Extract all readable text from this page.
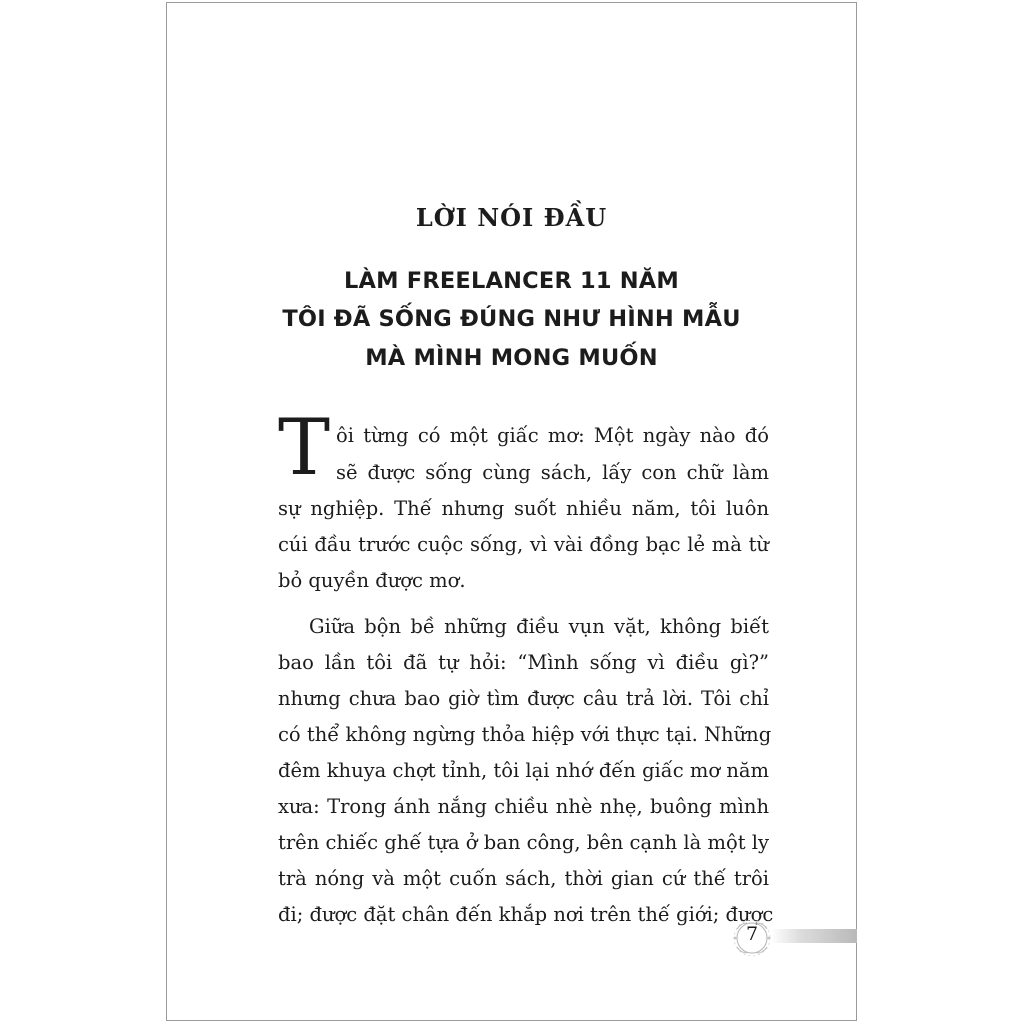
LỜI NÓI ĐẦU
LÀM FREELANCER 11 NĂM
TÔI ĐÃ SỐNG ĐÚNG NHƯ HÌNH MẪU
MÀ MÌNH MONG MUỐN
T ôi từng có một giấc mơ: Một ngày nào đó
sẽ được sống cùng sách, lấy con chữ làm
sự nghiệp. Thế nhưng suốt nhiều năm, tôi luôn
cúi đầu trước cuộc sống, vì vài đồng bạc lẻ mà từ
bỏ quyền được mơ.
Giữa bộn bề những điều vụn vặt, không biết
bao lần tôi đã tự hỏi: “Mình sống vì điều gì?”
nhưng chưa bao giờ tìm được câu trả lời. Tôi chỉ
có thể không ngừng thỏa hiệp với thực tại. Những
đêm khuya chợt tỉnh, tôi lại nhớ đến giấc mơ năm
xưa: Trong ánh nắng chiều nhè nhẹ, buông mình
trên chiếc ghế tựa ở ban công, bên cạnh là một ly
trà nóng và một cuốn sách, thời gian cứ thế trôi
đi; được đặt chân đến khắp nơi trên thế giới; được
7
